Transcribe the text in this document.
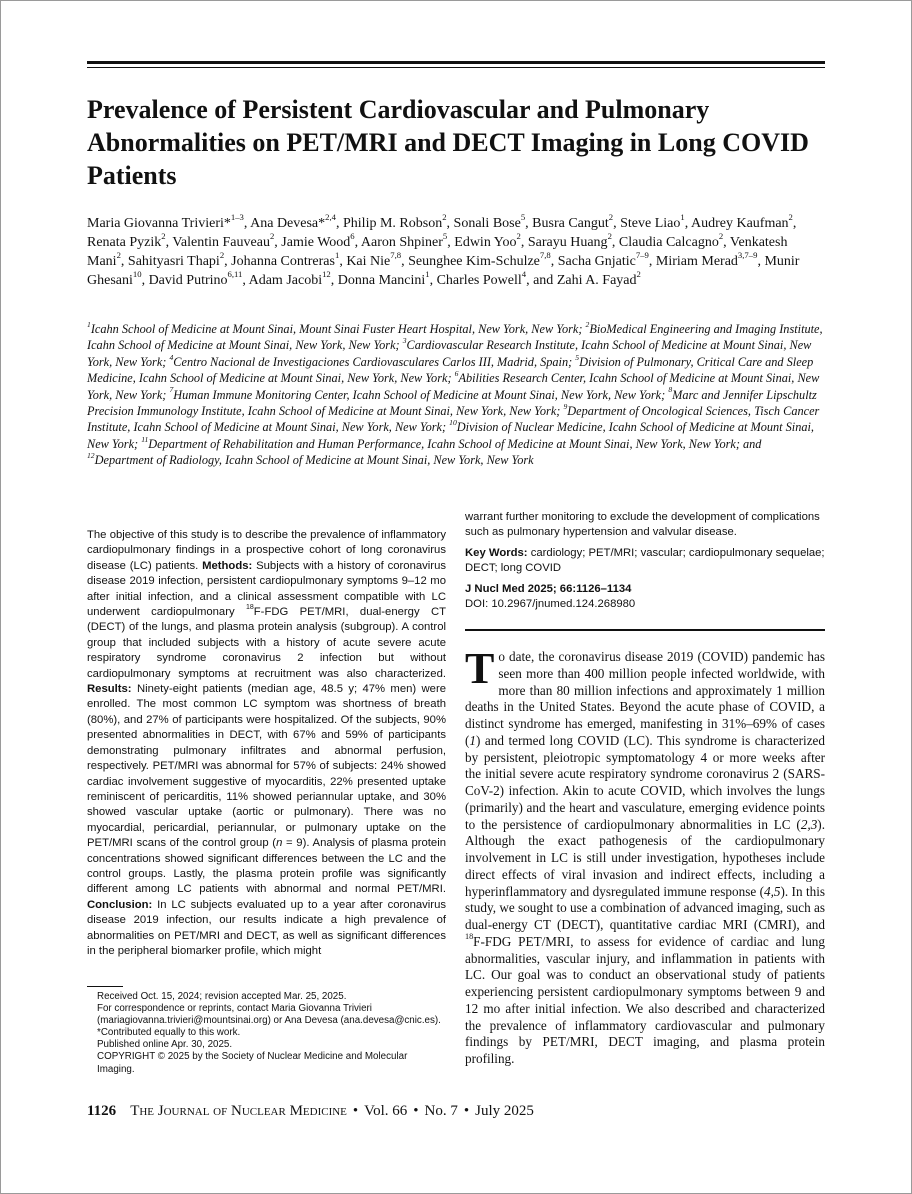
Prevalence of Persistent Cardiovascular and Pulmonary Abnormalities on PET/MRI and DECT Imaging in Long COVID Patients

Maria Giovanna Trivieri*$^{1-3}$, Ana Devesa*$^{2,4}$, Philip M. Robson$^2$, Sonali Bose$^5$, Busra Cangut$^2$, Steve Liao$^1$, Audrey Kaufman$^2$, Renata Pyzik$^2$, Valentin Fauveau$^2$, Jamie Wood$^6$, Aaron Shpiner$^5$, Edwin Yoo$^2$, Sarayu Huang$^2$, Claudia Calcagno$^2$, Venkatesh Mani$^2$, Sahityasri Thapi$^2$, Johanna Contreras$^1$, Kai Nie$^{7,8}$, Seunghee Kim-Schulze$^{7,8}$, Sacha Gnjatic$^{7-9}$, Miriam Merad$^{3,7-9}$, Munir Ghesani$^{10}$, David Putrino$^{6,11}$, Adam Jacobi$^{12}$, Donna Mancini$^1$, Charles Powell$^4$, and Zahi A. Fayad$^2$

$^1$Icahn School of Medicine at Mount Sinai, Mount Sinai Fuster Heart Hospital, New York, New York; $^2$BioMedical Engineering and Imaging Institute, Icahn School of Medicine at Mount Sinai, New York, New York; $^3$Cardiovascular Research Institute, Icahn School of Medicine at Mount Sinai, New York, New York; $^4$Centro Nacional de Investigaciones Cardiovasculares Carlos III, Madrid, Spain; $^5$Division of Pulmonary, Critical Care and Sleep Medicine, Icahn School of Medicine at Mount Sinai, New York, New York; $^6$Abilities Research Center, Icahn School of Medicine at Mount Sinai, New York, New York; $^7$Human Immune Monitoring Center, Icahn School of Medicine at Mount Sinai, New York, New York; $^8$Marc and Jennifer Lipschultz Precision Immunology Institute, Icahn School of Medicine at Mount Sinai, New York, New York; $^9$Department of Oncological Sciences, Tisch Cancer Institute, Icahn School of Medicine at Mount Sinai, New York, New York; $^{10}$Division of Nuclear Medicine, Icahn School of Medicine at Mount Sinai, New York; $^{11}$Department of Rehabilitation and Human Performance, Icahn School of Medicine at Mount Sinai, New York, New York; and $^{12}$Department of Radiology, Icahn School of Medicine at Mount Sinai, New York, New York

The objective of this study is to describe the prevalence of inflammatory cardiopulmonary findings in a prospective cohort of long coronavirus disease (LC) patients. Methods: Subjects with a history of coronavirus disease 2019 infection, persistent cardiopulmonary symptoms 9–12 mo after initial infection, and a clinical assessment compatible with LC underwent cardiopulmonary $^{18}$F-FDG PET/MRI, dual-energy CT (DECT) of the lungs, and plasma protein analysis (subgroup). A control group that included subjects with a history of acute severe acute respiratory syndrome coronavirus 2 infection but without cardiopulmonary symptoms at recruitment was also characterized. Results: Ninety-eight patients (median age, 48.5 y; 47% men) were enrolled. The most common LC symptom was shortness of breath (80%), and 27% of participants were hospitalized. Of the subjects, 90% presented abnormalities in DECT, with 67% and 59% of participants demonstrating pulmonary infiltrates and abnormal perfusion, respectively. PET/MRI was abnormal for 57% of subjects: 24% showed cardiac involvement suggestive of myocarditis, 22% presented uptake reminiscent of pericarditis, 11% showed periannular uptake, and 30% showed vascular uptake (aortic or pulmonary). There was no myocardial, pericardial, periannular, or pulmonary uptake on the PET/MRI scans of the control group (n = 9). Analysis of plasma protein concentrations showed significant differences between the LC and the control groups. Lastly, the plasma protein profile was significantly different among LC patients with abnormal and normal PET/MRI. Conclusion: In LC subjects evaluated up to a year after coronavirus disease 2019 infection, our results indicate a high prevalence of abnormalities on PET/MRI and DECT, as well as significant differences in the peripheral biomarker profile, which might

warrant further monitoring to exclude the development of complications such as pulmonary hypertension and valvular disease.

Key Words: cardiology; PET/MRI; vascular; cardiopulmonary sequelae; DECT; long COVID

J Nucl Med 2025; 66:1126–1134
DOI: 10.2967/jnumed.124.268980

To date, the coronavirus disease 2019 (COVID) pandemic has seen more than 400 million people infected worldwide, with more than 80 million infections and approximately 1 million deaths in the United States. Beyond the acute phase of COVID, a distinct syndrome has emerged, manifesting in 31%–69% of cases (1) and termed long COVID (LC). This syndrome is characterized by persistent, pleiotropic symptomatology 4 or more weeks after the initial severe acute respiratory syndrome coronavirus 2 (SARS-CoV-2) infection. Akin to acute COVID, which involves the lungs (primarily) and the heart and vasculature, emerging evidence points to the persistence of cardiopulmonary abnormalities in LC (2,3). Although the exact pathogenesis of the cardiopulmonary involvement in LC is still under investigation, hypotheses include direct effects of viral invasion and indirect effects, including a hyperinflammatory and dysregulated immune response (4,5). In this study, we sought to use a combination of advanced imaging, such as dual-energy CT (DECT), quantitative cardiac MRI (CMRI), and $^{18}$F-FDG PET/MRI, to assess for evidence of cardiac and lung abnormalities, vascular injury, and inflammation in patients with LC. Our goal was to conduct an observational study of patients experiencing persistent cardiopulmonary symptoms between 9 and 12 mo after initial infection. We also described and characterized the prevalence of inflammatory cardiovascular and pulmonary findings by PET/MRI, DECT imaging, and plasma protein profiling.

Received Oct. 15, 2024; revision accepted Mar. 25, 2025.
For correspondence or reprints, contact Maria Giovanna Trivieri (mariagiovanna.trivieri@mountsinai.org) or Ana Devesa (ana.devesa@cnic.es).
*Contributed equally to this work.
Published online Apr. 30, 2025.
COPYRIGHT © 2025 by the Society of Nuclear Medicine and Molecular Imaging.

1126 The Journal of Nuclear Medicine • Vol. 66 • No. 7 • July 2025
